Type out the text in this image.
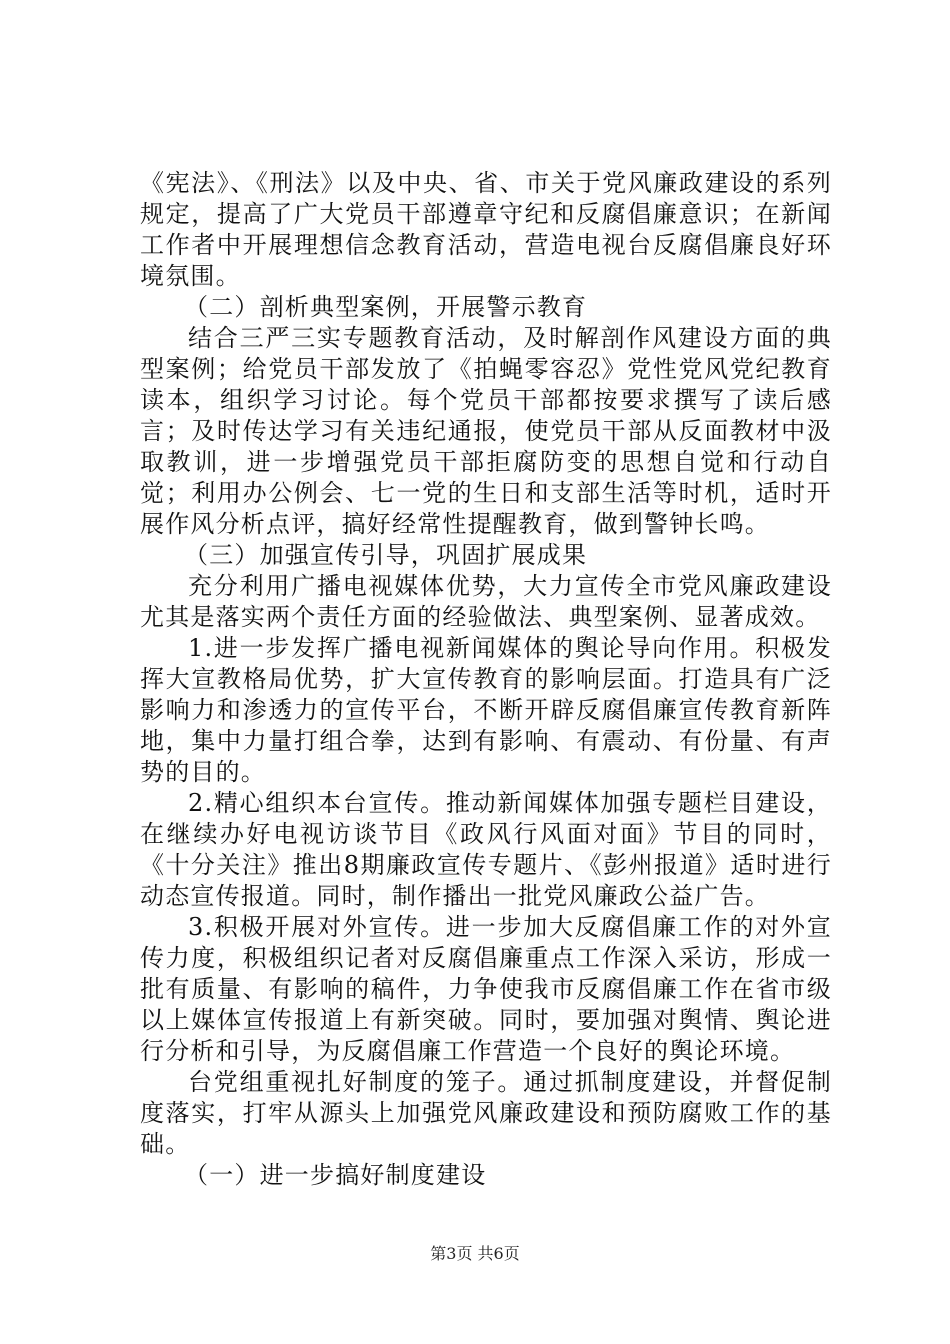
《宪法》、《刑法》以及中央、省、市关于党风廉政建设的系列规定，提高了广大党员干部遵章守纪和反腐倡廉意识；在新闻工作者中开展理想信念教育活动，营造电视台反腐倡廉良好环境氛围。

（二）剖析典型案例，开展警示教育

结合三严三实专题教育活动，及时解剖作风建设方面的典型案例；给党员干部发放了《拍蝇零容忍》党性党风党纪教育读本，组织学习讨论。每个党员干部都按要求撰写了读后感言；及时传达学习有关违纪通报，使党员干部从反面教材中汲取教训，进一步增强党员干部拒腐防变的思想自觉和行动自觉；利用办公例会、七一党的生日和支部生活等时机，适时开展作风分析点评，搞好经常性提醒教育，做到警钟长鸣。

（三）加强宣传引导，巩固扩展成果

充分利用广播电视媒体优势，大力宣传全市党风廉政建设尤其是落实两个责任方面的经验做法、典型案例、显著成效。

1.进一步发挥广播电视新闻媒体的舆论导向作用。积极发挥大宣教格局优势，扩大宣传教育的影响层面。打造具有广泛影响力和渗透力的宣传平台，不断开辟反腐倡廉宣传教育新阵地，集中力量打组合拳，达到有影响、有震动、有份量、有声势的目的。

2.精心组织本台宣传。推动新闻媒体加强专题栏目建设，在继续办好电视访谈节目《政风行风面对面》节目的同时，《十分关注》推出8期廉政宣传专题片、《彭州报道》适时进行动态宣传报道。同时，制作播出一批党风廉政公益广告。

3.积极开展对外宣传。进一步加大反腐倡廉工作的对外宣传力度，积极组织记者对反腐倡廉重点工作深入采访，形成一批有质量、有影响的稿件，力争使我市反腐倡廉工作在省市级以上媒体宣传报道上有新突破。同时，要加强对舆情、舆论进行分析和引导，为反腐倡廉工作营造一个良好的舆论环境。

台党组重视扎好制度的笼子。通过抓制度建设，并督促制度落实，打牢从源头上加强党风廉政建设和预防腐败工作的基础。

（一）进一步搞好制度建设

第3页 共6页
